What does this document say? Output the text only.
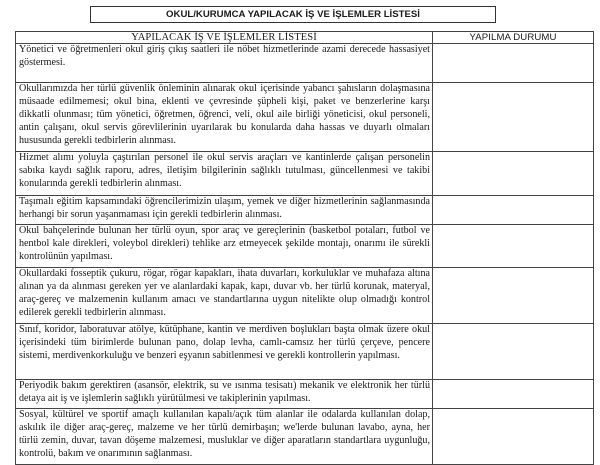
OKUL/KURUMCA YAPILACAK İŞ VE İŞLEMLER LİSTESİ
YAPILACAK İŞ VE İŞLEMLER LİSTESİ	YAPILMA DURUMU
Yönetici ve öğretmenleri okul giriş çıkış saatleri ile nöbet hizmetlerinde azami derecede hassasiyet göstermesi.	
Okullarımızda her türlü güvenlik önleminin alınarak okul içerisinde yabancı şahısların dolaşmasına müsaade edilmemesi; okul bina, eklenti ve çevresinde şüpheli kişi, paket ve benzerlerine karşı dikkatli olunması; tüm yönetici, öğretmen, öğrenci, veli, okul aile birliği yöneticisi, okul personeli, antin çalışanı, okul servis görevlilerinin uyarılarak bu konularda daha hassas ve duyarlı olmaları hususunda gerekli tedbirlerin alınması.	
Hizmet alımı yoluyla çaştırılan personel ile okul servis araçları ve kantinlerde çalışan personelin sabıka kaydı sağlık raporu, adres, iletişim bilgilerinin sağlıklı tutulması, güncellenmesi ve takibi konularında gerekli tedbirlerin alınması.	
Taşımalı eğitim kapsamındaki öğrencilerimizin ulaşım, yemek ve diğer hizmetlerinin sağlanmasında herhangi bir sorun yaşanmaması için gerekli tedbirlerin alınması.	
Okul bahçelerinde bulunan her türlü oyun, spor araç ve gereçlerinin (basketbol potaları, futbol ve hentbol kale direkleri, voleybol direkleri) tehlike arz etmeyecek şekilde montajı, onarımı ile sürekli kontrolünün yapılması.	
Okullardaki fosseptik çukuru, rögar, rögar kapakları, ihata duvarları, korkuluklar ve muhafaza altına alınan ya da alınması gereken yer ve alanlardaki kapak, kapı, duvar vb. her türlü korunak, materyal, araç-gereç ve malzemenin kullanım amacı ve standartlarına uygun nitelikte olup olmadığı kontrol edilerek gerekli tedbirlerin alınması.	
Sınıf, koridor, laboratuvar atölye, kütüphane, kantin ve merdiven boşlukları başta olmak üzere okul içerisindeki tüm birimlerde bulunan pano, dolap levha, camlı-camsız her türlü çerçeve, pencere sistemi, merdivenkorkuluğu ve benzeri eşyanın sabitlenmesi ve gerekli kontrollerin yapılması.	
Periyodik bakım gerektiren (asansör, elektrik, su ve ısınma tesisatı) mekanik ve elektronik her türlü detaya ait iş ve işlemlerin sağlıklı yürütülmesi ve takiplerinin yapılması.	
Sosyal, kültürel ve sportif amaçlı kullanılan kapalı/açık tüm alanlar ile odalarda kullanılan dolap, askılık ile diğer araç-gereç, malzeme ve her türlü demirbaşın; we'lerde bulunan lavabo, ayna, her türlü zemin, duvar, tavan döşeme malzemesi, musluklar ve diğer aparatların standartlara uygunluğu, kontrolü, bakım ve onarımının sağlanması.	
